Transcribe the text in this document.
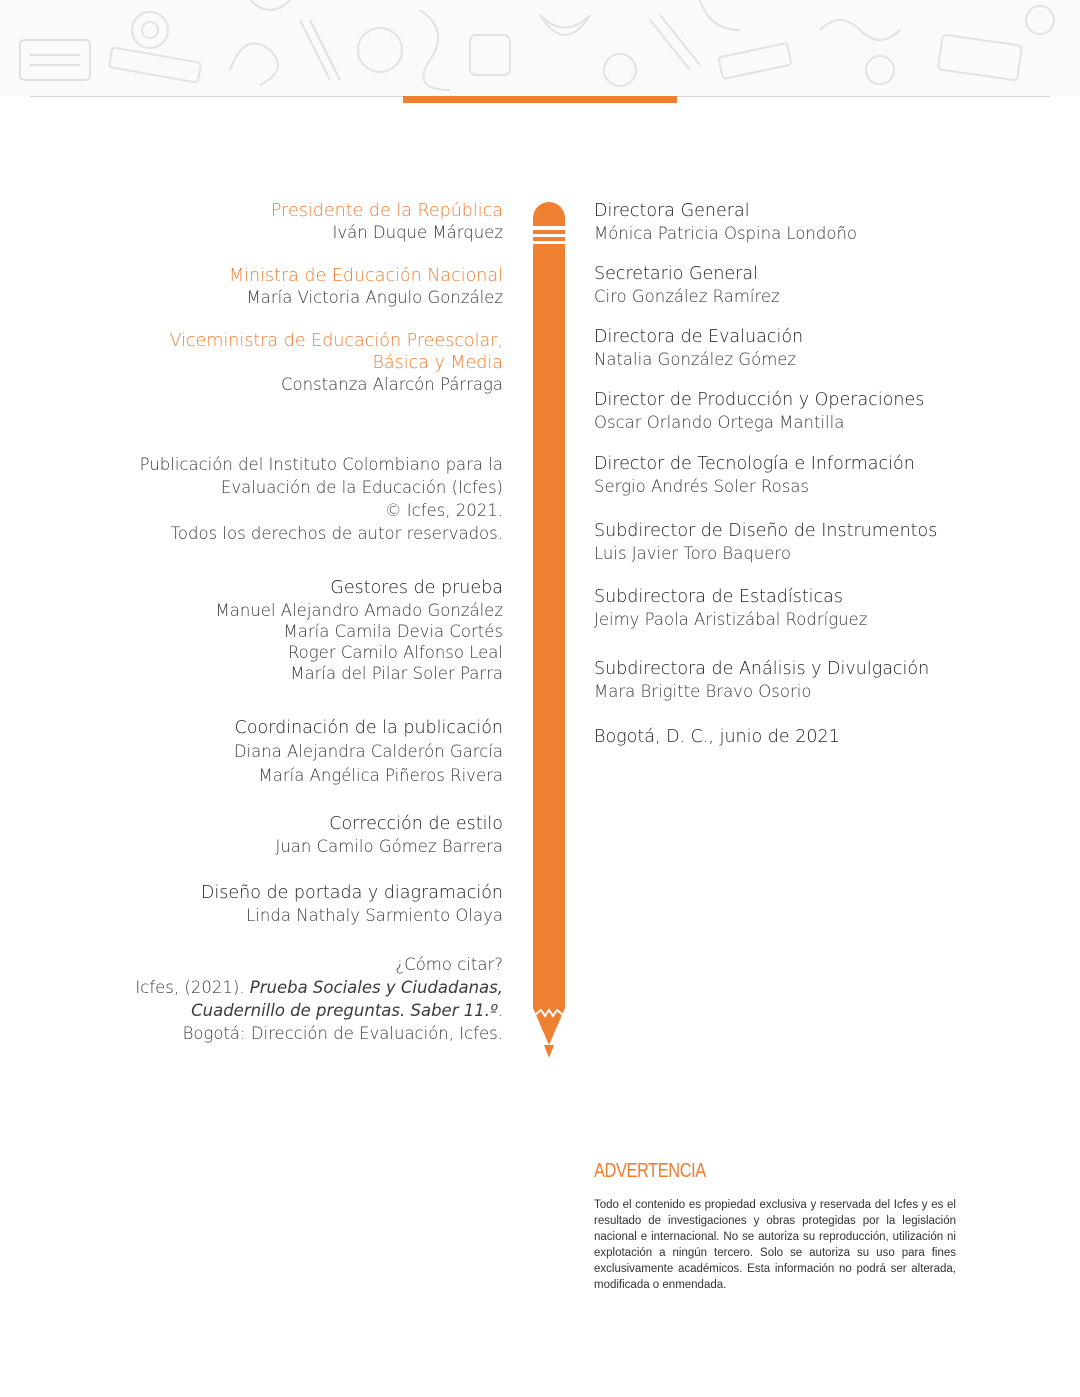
Presidente de la República
Iván Duque Márquez
Ministra de Educación Nacional
María Victoria Angulo González
Viceministra de Educación Preescolar,
Básica y Media
Constanza Alarcón Párraga
Publicación del Instituto Colombiano para la
Evaluación de la Educación (Icfes)
© Icfes, 2021.
Todos los derechos de autor reservados.
Gestores de prueba
Manuel Alejandro Amado González
María Camila Devia Cortés
Roger Camilo Alfonso Leal
María del Pilar Soler Parra
Coordinación de la publicación
Diana Alejandra Calderón García
María Angélica Piñeros Rivera
Corrección de estilo
Juan Camilo Gómez Barrera
Diseño de portada y diagramación
Linda Nathaly Sarmiento Olaya
¿Cómo citar?
Icfes, (2021). Prueba Sociales y Ciudadanas,
Cuadernillo de preguntas. Saber 11.º.
Bogotá: Dirección de Evaluación, Icfes.
Directora General
Mónica Patricia Ospina Londoño
Secretario General
Ciro González Ramírez
Directora de Evaluación
Natalia González Gómez
Director de Producción y Operaciones
Oscar Orlando Ortega Mantilla
Director de Tecnología e Información
Sergio Andrés Soler Rosas
Subdirector de Diseño de Instrumentos
Luis Javier Toro Baquero
Subdirectora de Estadísticas
Jeimy Paola Aristizábal Rodríguez
Subdirectora de Análisis y Divulgación
Mara Brigitte Bravo Osorio
Bogotá, D. C., junio de 2021
ADVERTENCIA
Todo el contenido es propiedad exclusiva y reservada del Icfes y es el resultado de investigaciones y obras protegidas por la legislación nacional e internacional. No se autoriza su reproducción, utilización ni explotación a ningún tercero. Solo se autoriza su uso para fines exclusivamente académicos. Esta información no podrá ser alterada, modificada o enmendada.
